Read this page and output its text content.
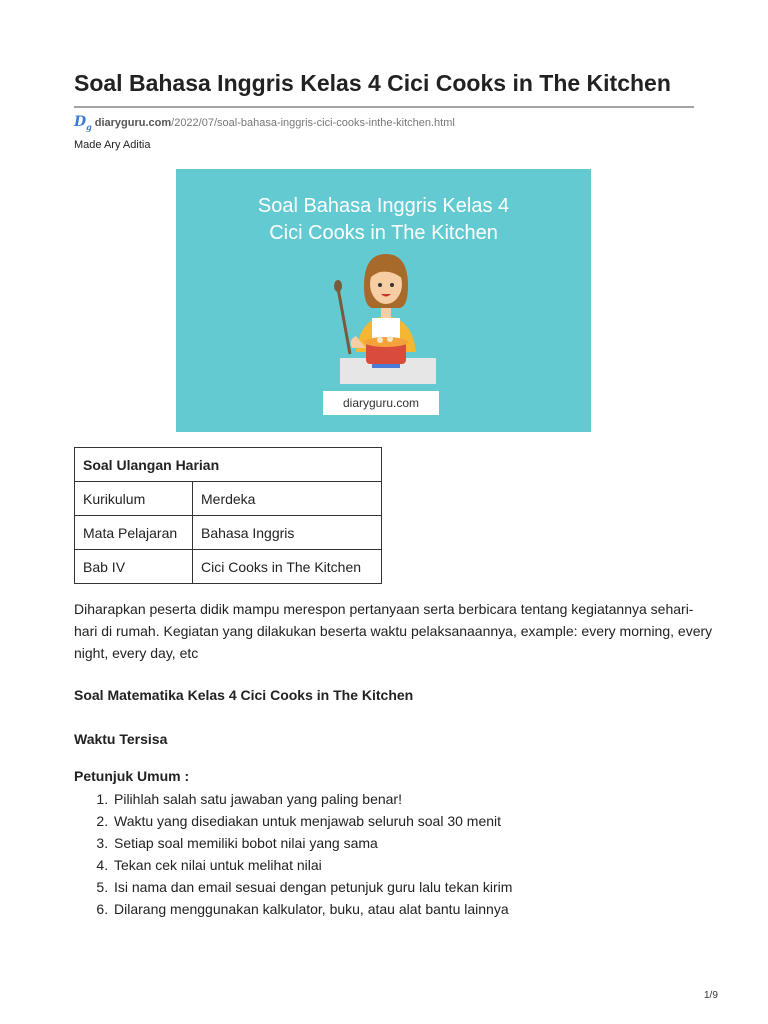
Soal Bahasa Inggris Kelas 4 Cici Cooks in The Kitchen
$D_g$ diaryguru.com /2022/07/soal-bahasa-inggris-cici-cooks-inthe-kitchen.html
Made Ary Aditia
Soal Bahasa Inggris Kelas 4
Cici Cooks in The Kitchen
diaryguru.com
Soal Ulangan Harian	
Kurikulum	Merdeka
Mata Pelajaran	Bahasa Inggris
Bab IV	Cici Cooks in The Kitchen

Diharapkan peserta didik mampu merespon pertanyaan serta berbicara tentang kegiatannya sehari-hari di rumah. Kegiatan yang dilakukan beserta waktu pelaksanaannya, example: every morning, every night, every day, etc

Soal Matematika Kelas 4 Cici Cooks in The Kitchen

Waktu Tersisa

Petunjuk Umum :

1. Pilihlah salah satu jawaban yang paling benar!
2. Waktu yang disediakan untuk menjawab seluruh soal 30 menit
3. Setiap soal memiliki bobot nilai yang sama
4. Tekan cek nilai untuk melihat nilai
5. Isi nama dan email sesuai dengan petunjuk guru lalu tekan kirim
6. Dilarang menggunakan kalkulator, buku, atau alat bantu lainnya
1/9
